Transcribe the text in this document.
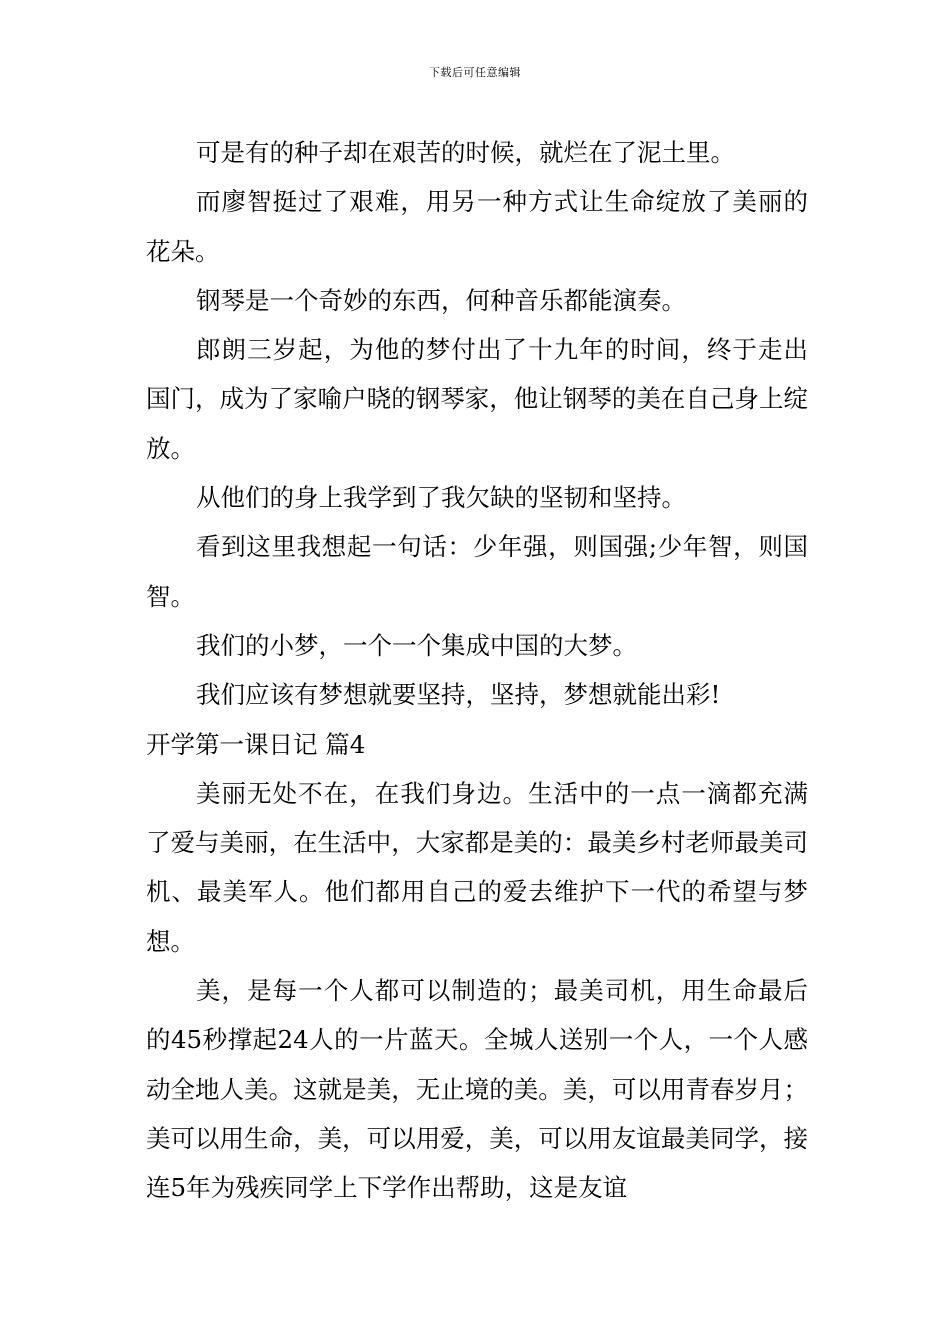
下载后可任意编辑

可是有的种子却在艰苦的时候，就烂在了泥土里。

而廖智挺过了艰难，用另一种方式让生命绽放了美丽的花朵。

钢琴是一个奇妙的东西，何种音乐都能演奏。

郎朗三岁起，为他的梦付出了十九年的时间，终于走出国门，成为了家喻户晓的钢琴家，他让钢琴的美在自己身上绽放。

从他们的身上我学到了我欠缺的坚韧和坚持。

看到这里我想起一句话：少年强，则国强;少年智，则国智。

我们的小梦，一个一个集成中国的大梦。

我们应该有梦想就要坚持，坚持，梦想就能出彩!

开学第一课日记 篇4

美丽无处不在，在我们身边。生活中的一点一滴都充满了爱与美丽，在生活中，大家都是美的：最美乡村老师最美司机、最美军人。他们都用自己的爱去维护下一代的希望与梦想。

美，是每一个人都可以制造的；最美司机，用生命最后的45秒撑起24人的一片蓝天。全城人送别一个人，一个人感动全地人美。这就是美，无止境的美。美，可以用青春岁月；美可以用生命，美，可以用爱，美，可以用友谊最美同学，接连5年为残疾同学上下学作出帮助，这是友谊
